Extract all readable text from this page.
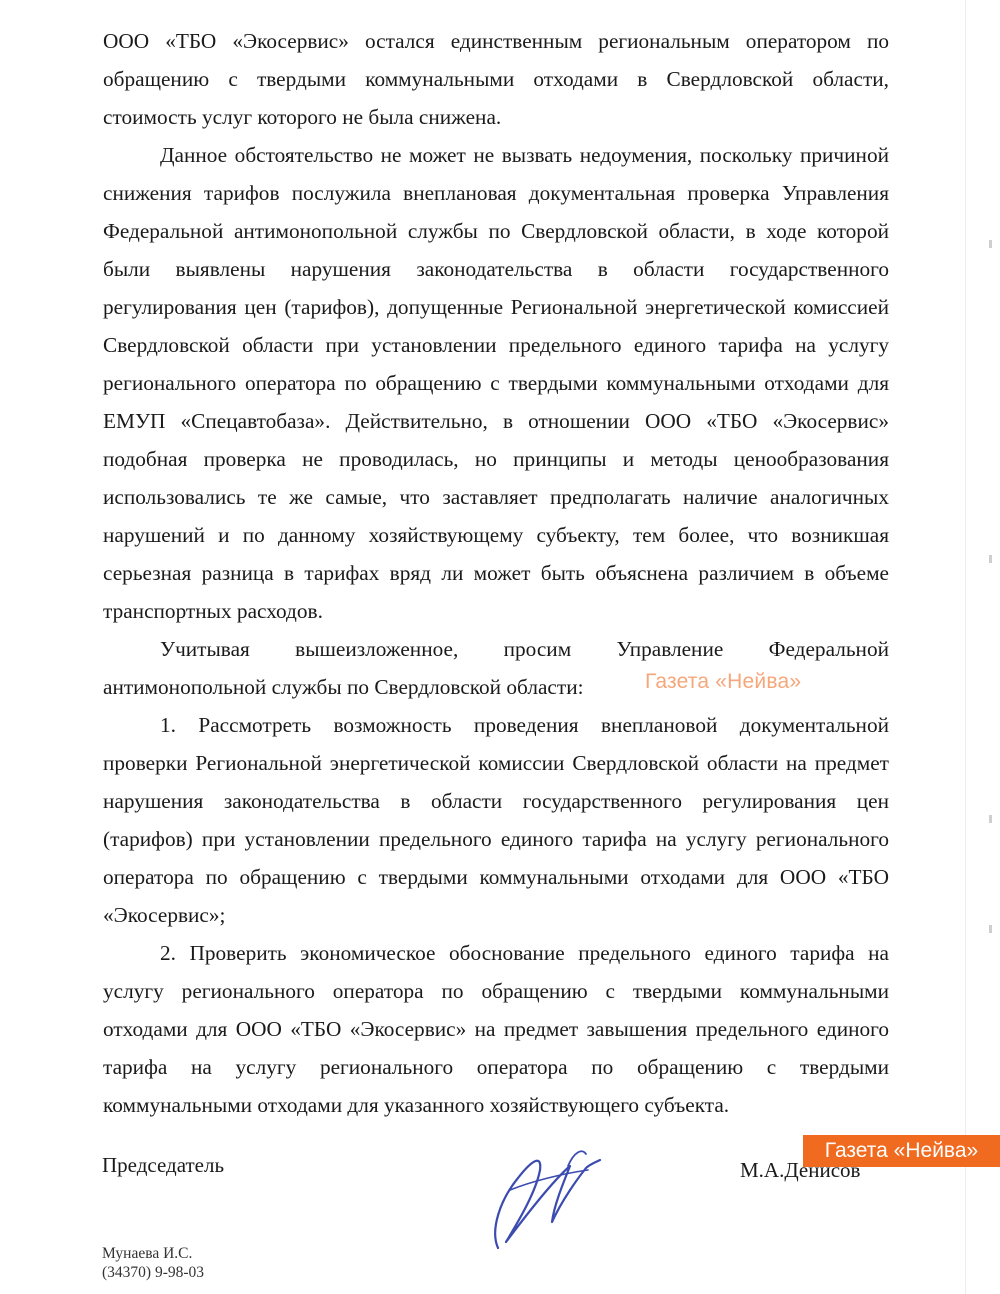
ООО «ТБО «Экосервис» остался единственным региональным оператором по обращению с твердыми коммунальными отходами в Свердловской области, стоимость услуг которого не была снижена.

Данное обстоятельство не может не вызвать недоумения, поскольку причиной снижения тарифов послужила внеплановая документальная проверка Управления Федеральной антимонопольной службы по Свердловской области, в ходе которой были выявлены нарушения законодательства в области государственного регулирования цен (тарифов), допущенные Региональной энергетической комиссией Свердловской области при установлении предельного единого тарифа на услугу регионального оператора по обращению с твердыми коммунальными отходами для ЕМУП «Спецавтобаза». Действительно, в отношении ООО «ТБО «Экосервис» подобная проверка не проводилась, но принципы и методы ценообразования использовались те же самые, что заставляет предполагать наличие аналогичных нарушений и по данному хозяйствующему субъекту, тем более, что возникшая серьезная разница в тарифах вряд ли может быть объяснена различием в объеме транспортных расходов.

Учитывая вышеизложенное, просим Управление Федеральной антимонопольной службы по Свердловской области:

1. Рассмотреть возможность проведения внеплановой документальной проверки Региональной энергетической комиссии Свердловской области на предмет нарушения законодательства в области государственного регулирования цен (тарифов) при установлении предельного единого тарифа на услугу регионального оператора по обращению с твердыми коммунальными отходами для ООО «ТБО «Экосервис»;

2. Проверить экономическое обоснование предельного единого тарифа на услугу регионального оператора по обращению с твердыми коммунальными отходами для ООО «ТБО «Экосервис» на предмет завышения предельного единого тарифа на услугу регионального оператора по обращению с твердыми коммунальными отходами для указанного хозяйствующего субъекта.

Газета «Нейва»
Газета «Нейва»
Председатель	М.А.Денисов
Мунаева И.С.
(34370) 9-98-03
